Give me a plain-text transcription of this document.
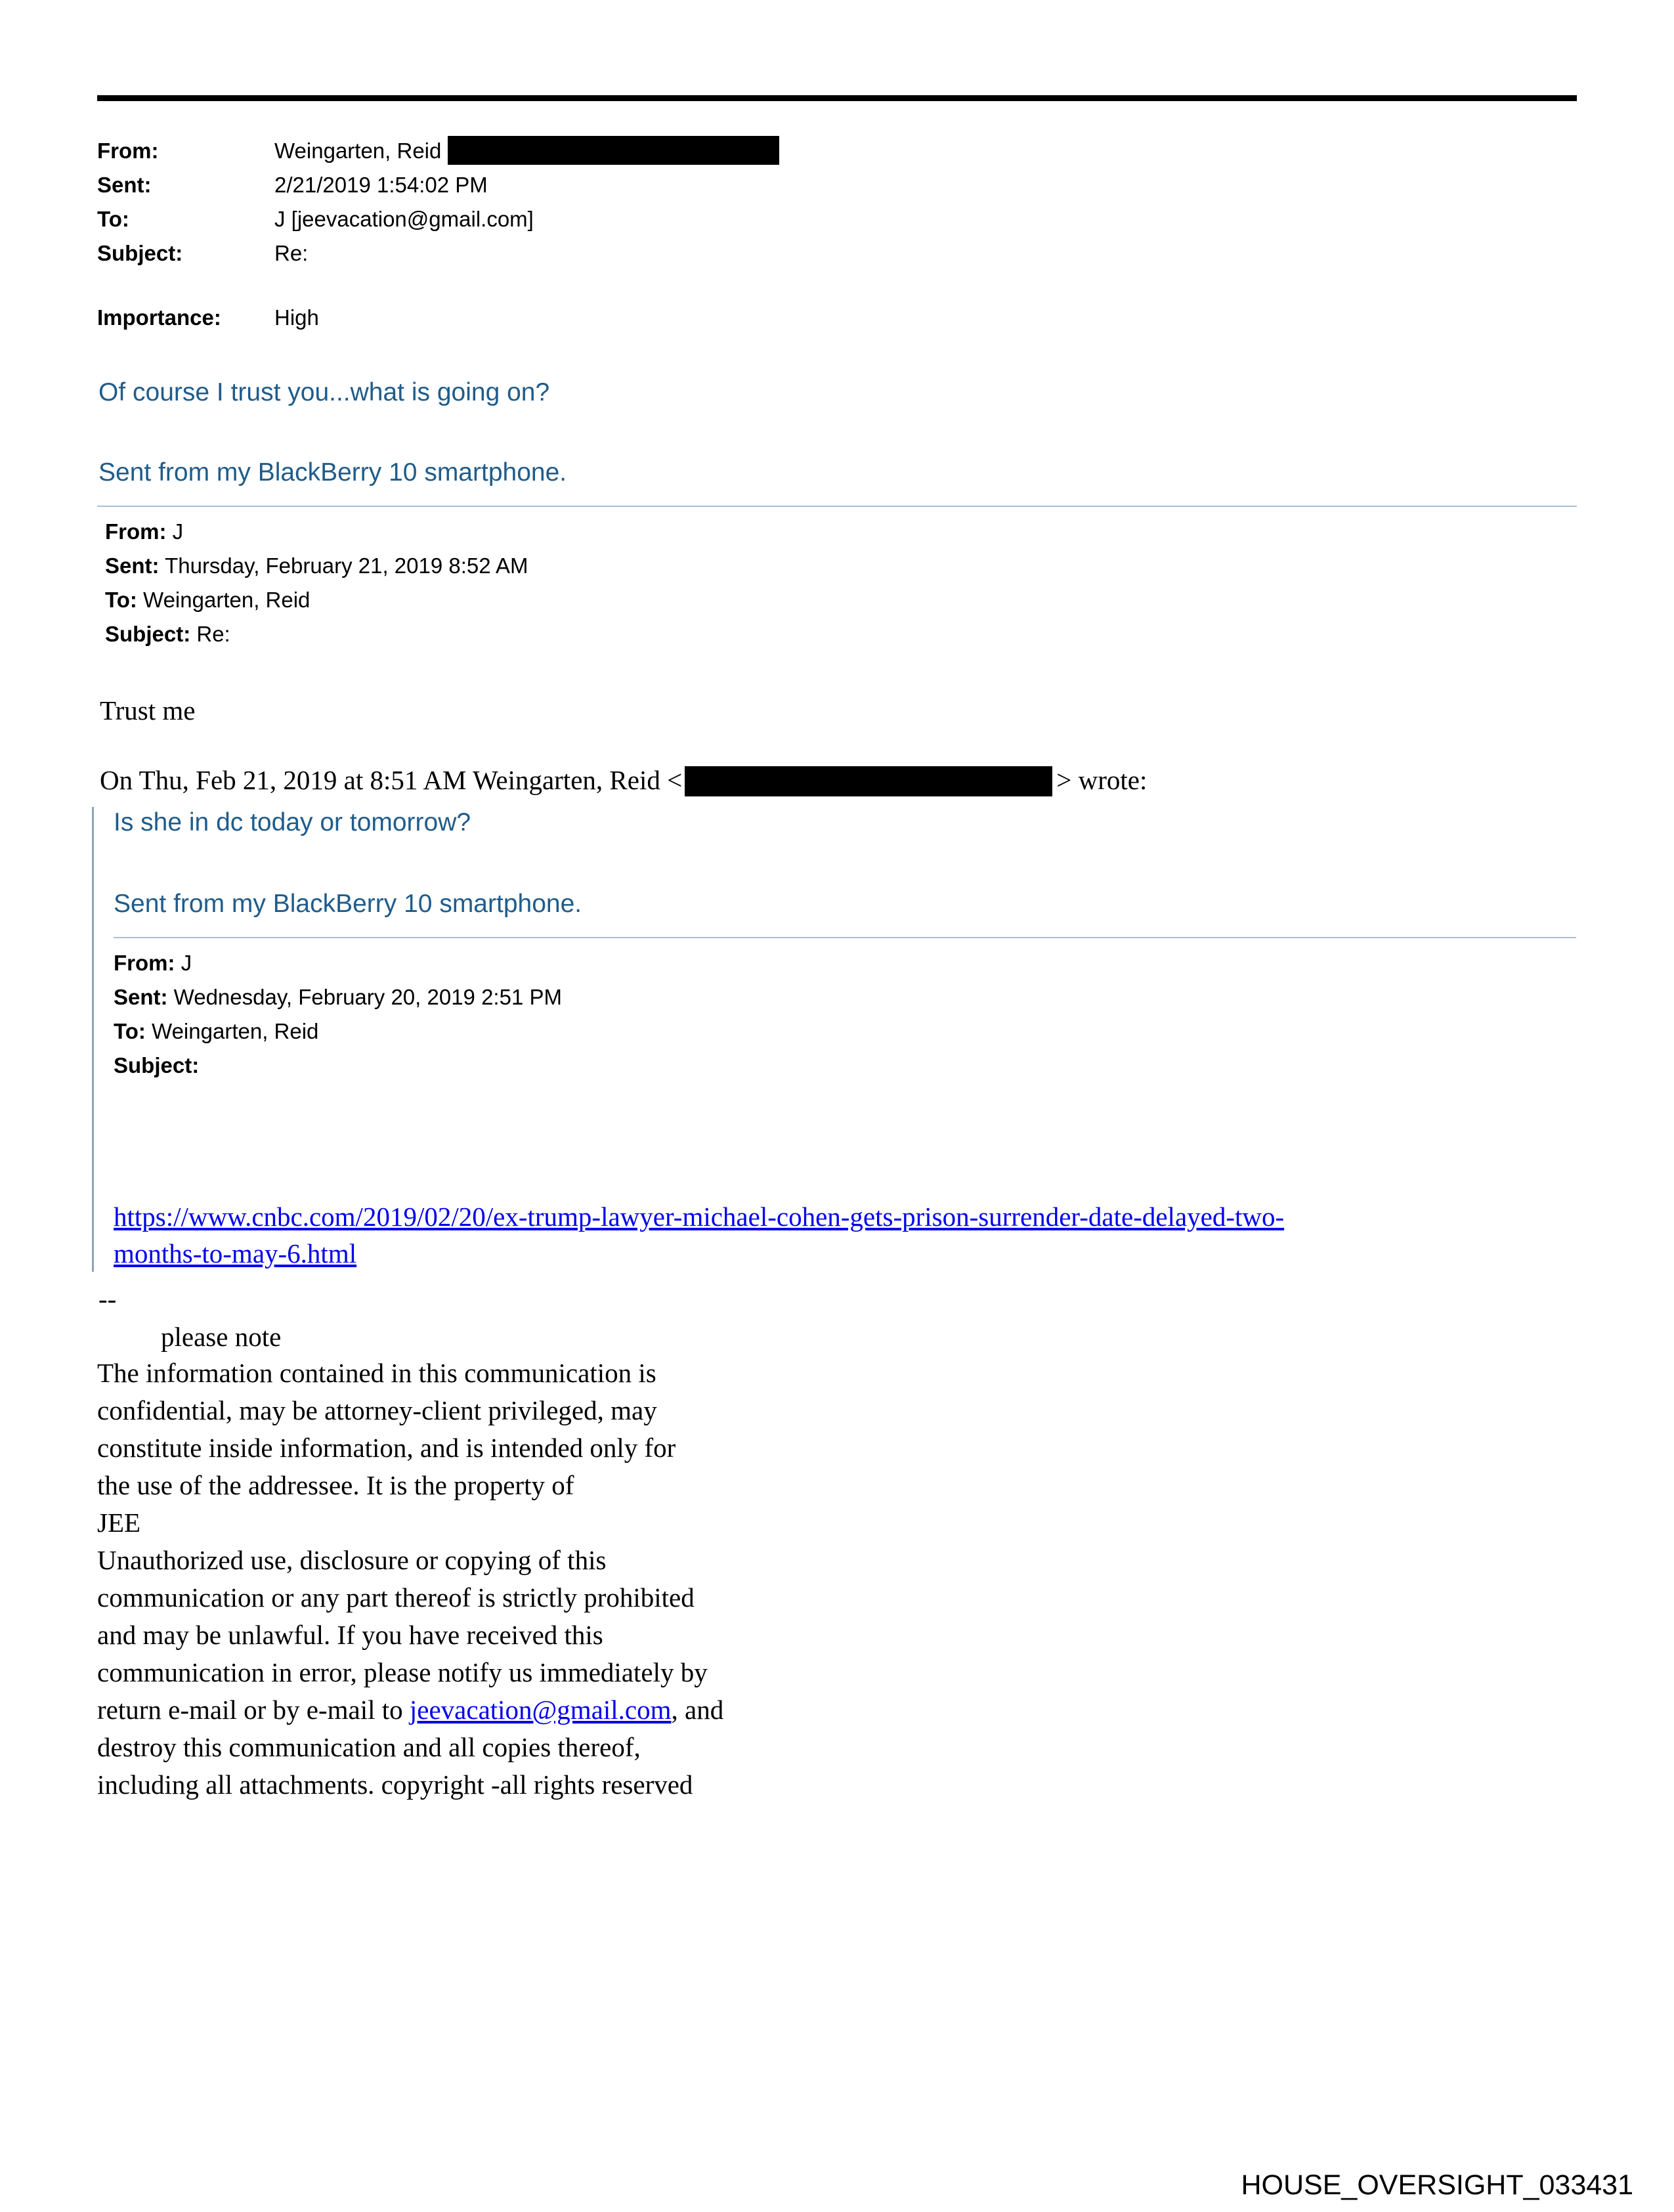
From:	Weingarten, Reid
Sent:	2/21/2019 1:54:02 PM
To:	J [jeevacation@gmail.com]
Subject:	Re:
Importance: High
Of course I trust you...what is going on?
Sent from my BlackBerry 10 smartphone.
From: J
Sent: Thursday, February 21, 2019 8:52 AM
To: Weingarten, Reid
Subject: Re:
Trust me
On Thu, Feb 21, 2019 at 8:51 AM Weingarten, Reid <	> wrote:
Is she in dc today or tomorrow?
Sent from my BlackBerry 10 smartphone.
From: J
Sent: Wednesday, February 20, 2019 2:51 PM
To: Weingarten, Reid
Subject:
https://www.cnbc.com/2019/02/20/ex-trump-lawyer-michael-cohen-gets-prison-surrender-date-delayed-two-
months-to-may-6.html
--
please note
The information contained in this communication is
confidential, may be attorney-client privileged, may
constitute inside information, and is intended only for
the use of the addressee. It is the property of
JEE
Unauthorized use, disclosure or copying of this
communication or any part thereof is strictly prohibited
and may be unlawful. If you have received this
communication in error, please notify us immediately by
return e-mail or by e-mail to jeevacation@gmail.com, and
destroy this communication and all copies thereof,
including all attachments. copyright -all rights reserved
HOUSE_OVERSIGHT_033431
